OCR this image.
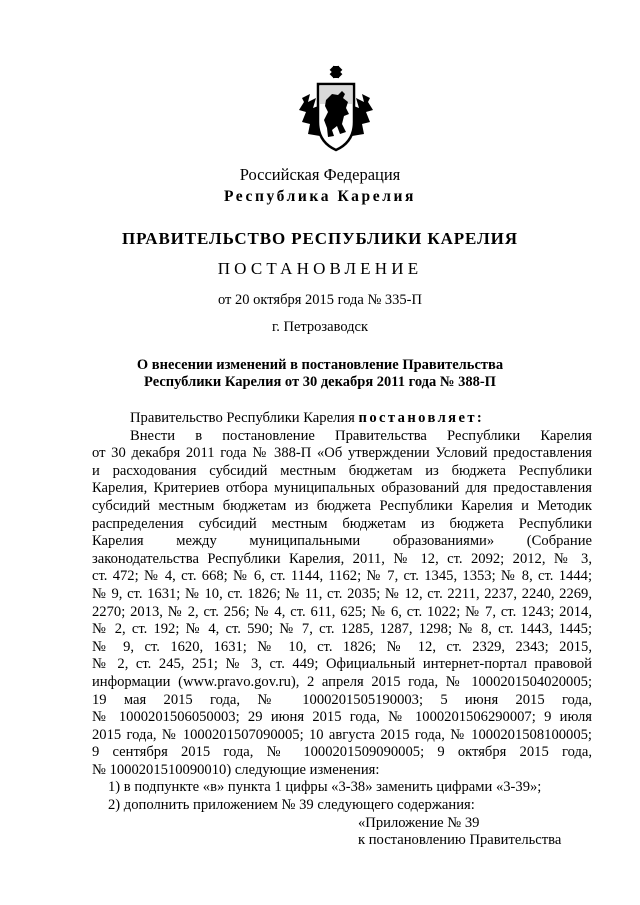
Российская Федерация
Республика Карелия
ПРАВИТЕЛЬСТВО РЕСПУБЛИКИ КАРЕЛИЯ
ПОСТАНОВЛЕНИЕ
от 20 октября 2015 года № 335-П
г. Петрозаводск
О внесении изменений в постановление Правительства
Республики Карелия от 30 декабря 2011 года № 388-П

Правительство Республики Карелия постановляет:

Внести в постановление Правительства Республики Карелия

от 30 декабря 2011 года № 388-П «Об утверждении Условий предоставления

и расходования субсидий местным бюджетам из бюджета Республики

Карелия, Критериев отбора муниципальных образований для предоставления

субсидий местным бюджетам из бюджета Республики Карелия и Методик

распределения субсидий местным бюджетам из бюджета Республики

Карелия между муниципальными образованиями» (Собрание

законодательства Республики Карелия, 2011, № 12, ст. 2092; 2012, № 3,

ст. 472; № 4, ст. 668; № 6, ст. 1144, 1162; № 7, ст. 1345, 1353; № 8, ст. 1444;

№ 9, ст. 1631; № 10, ст. 1826; № 11, ст. 2035; № 12, ст. 2211, 2237, 2240, 2269,

2270; 2013, № 2, ст. 256; № 4, ст. 611, 625; № 6, ст. 1022; № 7, ст. 1243; 2014,

№ 2, ст. 192; № 4, ст. 590; № 7, ст. 1285, 1287, 1298; № 8, ст. 1443, 1445;

№ 9, ст. 1620, 1631; № 10, ст. 1826; № 12, ст. 2329, 2343; 2015,

№ 2, ст. 245, 251; № 3, ст. 449; Официальный интернет-портал правовой

информации (www.pravo.gov.ru), 2 апреля 2015 года, № 1000201504020005;

19 мая 2015 года, № 1000201505190003; 5 июня 2015 года,

№ 1000201506050003; 29 июня 2015 года, № 1000201506290007; 9 июля

2015 года, № 1000201507090005; 10 августа 2015 года, № 1000201508100005;

9 сентября 2015 года, № 1000201509090005; 9 октября 2015 года,

№ 1000201510090010) следующие изменения:

1) в подпункте «в» пункта 1 цифры «3-38» заменить цифрами «3-39»;

2) дополнить приложением № 39 следующего содержания:

«Приложение № 39

к постановлению Правительства
